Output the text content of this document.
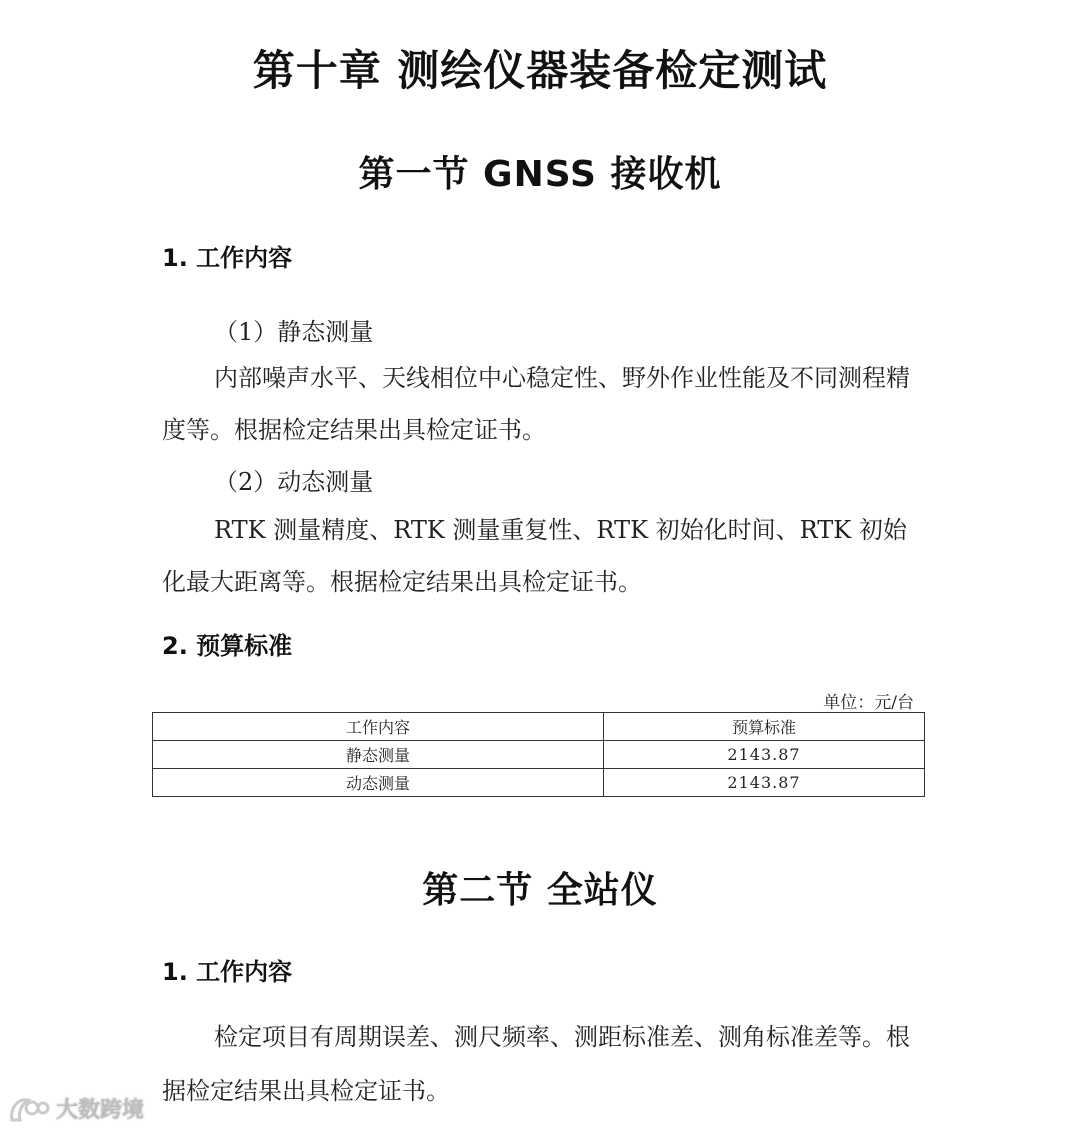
第十章 测绘仪器装备检定测试
第一节 GNSS 接收机
1. 工作内容
（1）静态测量
内部噪声水平、天线相位中心稳定性、野外作业性能及不同测程精度等。根据检定结果出具检定证书。
（2）动态测量
RTK 测量精度、RTK 测量重复性、RTK 初始化时间、RTK 初始化最大距离等。根据检定结果出具检定证书。
2. 预算标准
单位：元/台
工作内容	预算标准
静态测量	2143.87
动态测量	2143.87
第二节 全站仪
1. 工作内容
检定项目有周期误差、测尺频率、测距标准差、测角标准差等。根据检定结果出具检定证书。
大数跨境
